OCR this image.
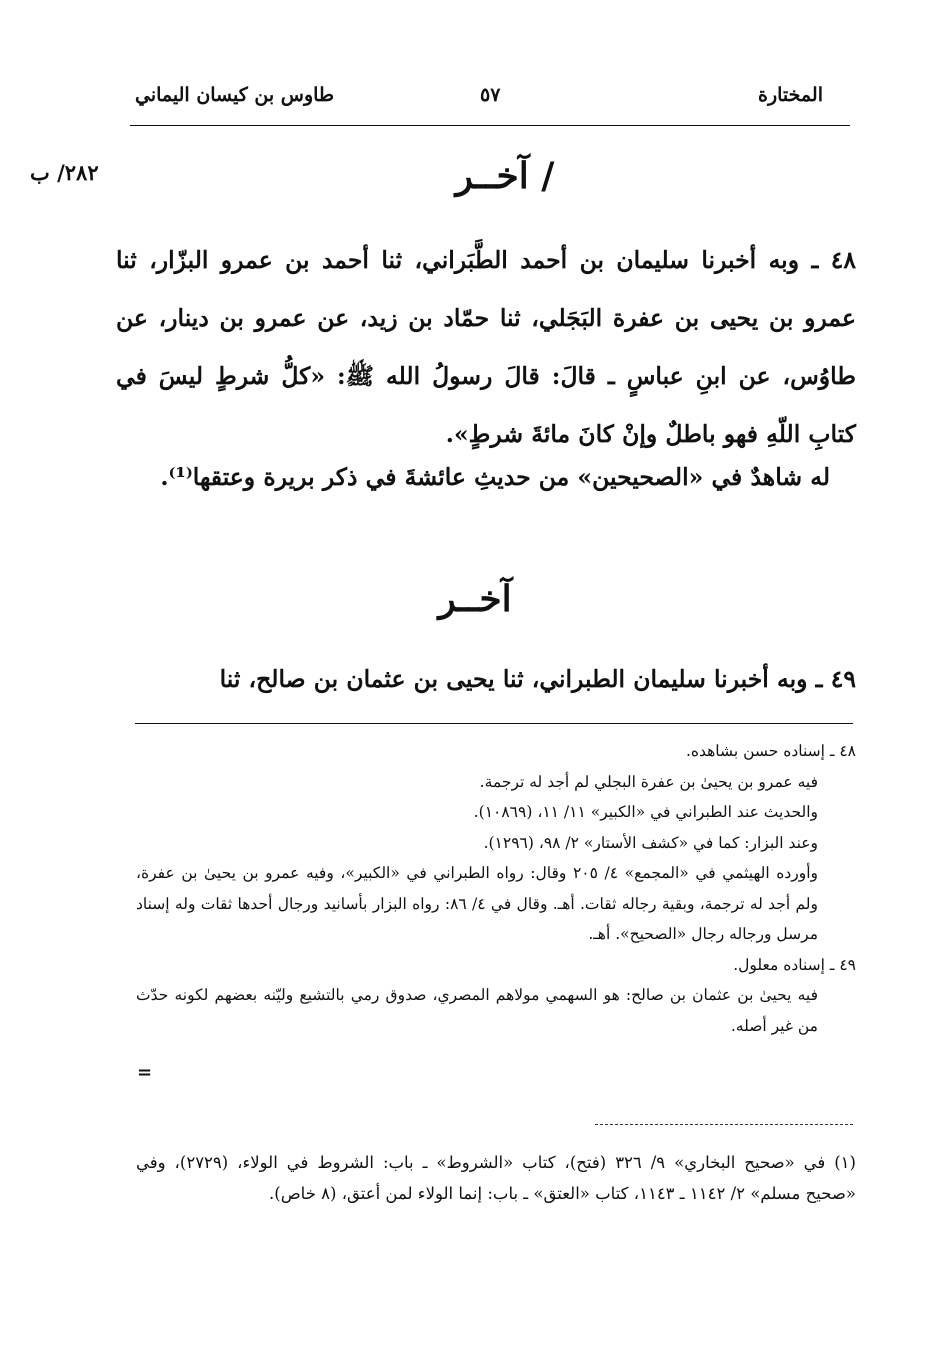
المختارة
٥٧
طاوس بن كيسان اليماني
٢٨٢/ ب	/ آخــر
٤٨ ـ وبه أخبرنا سليمان بن أحمد الطَّبَراني، ثنا أحمد بن عمرو البزّار، ثنا عمرو بن يحيى بن عفرة البَجَلي، ثنا حمّاد بن زيد، عن عمرو بن دينار، عن طاوُس، عن ابنِ عباسٍ ـ قالَ: قالَ رسولُ الله ﷺ: «كلُّ شرطٍ ليسَ في كتابِ اللّهِ فهو باطلٌ وإنْ كانَ مائةَ شرطٍ».
له شاهدٌ في «الصحيحين» من حديثِ عائشةَ في ذكر بريرة وعتقها⁽¹⁾.
آخــر
٤٩ ـ وبه أخبرنا سليمان الطبراني، ثنا يحيى بن عثمان بن صالح، ثنا
٤٨ ـ إسناده حسن بشاهده.
فيه عمرو بن يحيىٰ بن عفرة البجلي لم أجد له ترجمة.
والحديث عند الطبراني في «الكبير» ١١/ ١١، (١٠٨٦٩).
وعند البزار: كما في «كشف الأستار» ٢/ ٩٨، (١٢٩٦).
وأورده الهيثمي في «المجمع» ٤/ ٢٠٥ وقال: رواه الطبراني في «الكبير»، وفيه عمرو بن يحيىٰ بن عفرة، ولم أجد له ترجمة، وبقية رجاله ثقات. أهـ. وقال في ٤/ ٨٦: رواه البزار بأسانيد ورجال أحدها ثقات وله إسناد مرسل ورجاله رجال «الصحيح». أهـ.
٤٩ ـ إسناده معلول.
فيه يحيىٰ بن عثمان بن صالح: هو السهمي مولاهم المصري، صدوق رمي بالتشيع وليّنه بعضهم لكونه حدّث من غير أصله.
=
(١) في «صحيح البخاري» ٩/ ٣٢٦ (فتح)، كتاب «الشروط» ـ باب: الشروط في الولاء، (٢٧٢٩)، وفي «صحيح مسلم» ٢/ ١١٤٢ ـ ١١٤٣، كتاب «العتق» ـ باب: إنما الولاء لمن أعتق، (٨ خاص).
